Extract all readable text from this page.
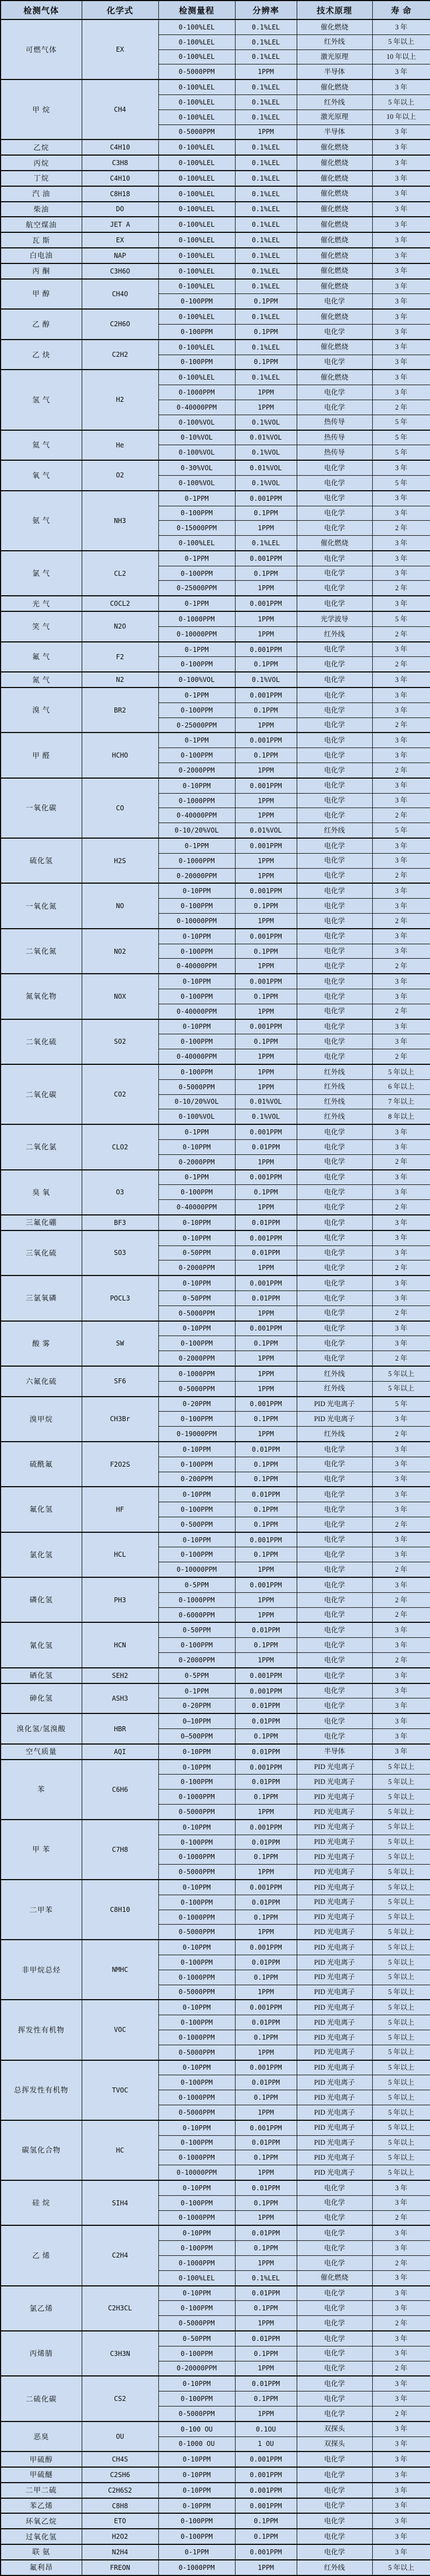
检测气体	化学式	检测量程	分辨率	技术原理	寿 命
可燃气体	EX	0-100%LEL	0.1%LEL	催化燃烧	3 年
		0-100%LEL	0.1%LEL	红外线	5 年以上
		0-100%LEL	0.1%LEL	激光原理	10 年以上
		0-5000PPM	1PPM	半导体	3 年
甲 烷	CH4	0-100%LEL	0.1%LEL	催化燃烧	3 年
		0-100%LEL	0.1%LEL	红外线	5 年以上
		0-100%LEL	0.1%LEL	激光原理	10 年以上
		0-5000PPM	1PPM	半导体	3 年
乙烷	C4H10	0-100%LEL	0.1%LEL	催化燃烧	3 年
丙烷	C3H8	0-100%LEL	0.1%LEL	催化燃烧	3 年
丁烷	C4H10	0-100%LEL	0.1%LEL	催化燃烧	3 年
汽 油	C8H18	0-100%LEL	0.1%LEL	催化燃烧	3 年
柴油	DO	0-100%LEL	0.1%LEL	催化燃烧	3 年
航空煤油	JET A	0-100%LEL	0.1%LEL	催化燃烧	3 年
瓦 斯	EX	0-100%LEL	0.1%LEL	催化燃烧	3 年
白电油	NAP	0-100%LEL	0.1%LEL	催化燃烧	3 年
丙 酮	C3H6O	0-100%LEL	0.1%LEL	催化燃烧	3 年
甲 醇	CH4O	0-100%LEL	0.1%LEL	催化燃烧	3 年
		0-100PPM	0.1PPM	电化学	3 年
乙 醇	C2H6O	0-100%LEL	0.1%LEL	催化燃烧	3 年
		0-100PPM	0.1PPM	电化学	3 年
乙 炔	C2H2	0-100%LEL	0.1%LEL	催化燃烧	3 年
		0-100PPM	0.1PPM	电化学	3 年
氢 气	H2	0-100%LEL	0.1%LEL	催化燃烧	3 年
		0-1000PPM	1PPM	电化学	3 年
		0-40000PPM	1PPM	电化学	2 年
		0-100%VOL	0.1%VOL	热传导	5 年
氦 气	He	0-10%VOL	0.01%VOL	热传导	5 年
		0-100%VOL	0.1%VOL	热传导	5 年
氧 气	O2	0-30%VOL	0.01%VOL	电化学	3 年
		0-100%VOL	0.1%VOL	电化学	5 年
氨 气	NH3	0-1PPM	0.001PPM	电化学	3 年
		0-100PPM	0.1PPM	电化学	3 年
		0-15000PPM	1PPM	电化学	2 年
		0-100%LEL	0.1%LEL	催化燃烧	3 年
氯 气	CL2	0-1PPM	0.001PPM	电化学	3 年
		0-100PPM	0.1PPM	电化学	3 年
		0-25000PPM	1PPM	电化学	2 年
光 气	COCL2	0-1PPM	0.001PPM	电化学	3 年
笑 气	N2O	0-1000PPM	1PPM	光学波导	5 年
		0-10000PPM	1PPM	红外线	2 年
氟 气	F2	0-1PPM	0.001PPM	电化学	3 年
		0-100PPM	0.1PPM	电化学	2 年
氮 气	N2	0-100%VOL	0.1%VOL	电化学	3 年
溴 气	BR2	0-1PPM	0.001PPM	电化学	3 年
		0-100PPM	0.1PPM	电化学	3 年
		0-25000PPM	1PPM	电化学	2 年
甲 醛	HCHO	0-1PPM	0.001PPM	电化学	3 年
		0-100PPM	0.1PPM	电化学	3 年
		0-2000PPM	1PPM	电化学	2 年
一氧化碳	CO	0-10PPM	0.001PPM	电化学	3 年
		0-1000PPM	1PPM	电化学	3 年
		0-40000PPM	1PPM	电化学	2 年
		0-10/20%VOL	0.01%VOL	红外线	5 年
硫化氢	H2S	0-1PPM	0.001PPM	电化学	3 年
		0-1000PPM	1PPM	电化学	3 年
		0-20000PPM	1PPM	电化学	2 年
一氧化氮	NO	0-10PPM	0.001PPM	电化学	3 年
		0-100PPM	0.1PPM	电化学	3 年
		0-10000PPM	1PPM	电化学	2 年
二氧化氮	NO2	0-10PPM	0.001PPM	电化学	3 年
		0-100PPM	0.1PPM	电化学	3 年
		0-40000PPM	1PPM	电化学	2 年
氮氧化物	NOX	0-10PPM	0.001PPM	电化学	3 年
		0-100PPM	0.1PPM	电化学	3 年
		0-40000PPM	1PPM	电化学	2 年
二氧化硫	SO2	0-10PPM	0.001PPM	电化学	3 年
		0-100PPM	0.1PPM	电化学	3 年
		0-40000PPM	1PPM	电化学	2 年
二氧化碳	CO2	0-100PPM	1PPM	红外线	5 年以上
		0-5000PPM	1PPM	红外线	6 年以上
		0-10/20%VOL	0.01%VOL	红外线	7 年以上
		0-100%VOL	0.1%VOL	红外线	8 年以上
二氧化氯	CLO2	0-1PPM	0.001PPM	电化学	3 年
		0-10PPM	0.01PPM	电化学	3 年
		0-2000PPM	1PPM	电化学	2 年
臭 氧	O3	0-1PPM	0.001PPM	电化学	3 年
		0-100PPM	0.1PPM	电化学	3 年
		0-40000PPM	1PPM	电化学	2 年
三氟化硼	BF3	0-10PPM	0.01PPM	电化学	3 年
三氧化硫	SO3	0-10PPM	0.001PPM	电化学	3 年
		0-50PPM	0.01PPM	电化学	3 年
		0-2000PPM	1PPM	电化学	2 年
三氯氧磷	POCL3	0-10PPM	0.001PPM	电化学	3 年
		0-50PPM	0.01PPM	电化学	3 年
		0-5000PPM	1PPM	电化学	2 年
酸 雾	SW	0-10PPM	0.001PPM	电化学	3 年
		0-100PPM	0.1PPM	电化学	3 年
		0-2000PPM	1PPM	电化学	2 年
六氟化硫	SF6	0-1000PPM	1PPM	红外线	5 年以上
		0-5000PPM	1PPM	红外线	5 年以上
溴甲烷	CH3Br	0-20PPM	0.001PPM	PID 光电离子	5 年
		0-100PPM	0.1PPM	PID 光电离子	3 年
		0-19000PPM	1PPM	红外线	2 年
硫酰氟	F2O2S	0-10PPM	0.01PPM	电化学	3 年
		0-100PPM	0.1PPM	电化学	3 年
		0-200PPM	0.1PPM	电化学	3 年
氟化氢	HF	0-10PPM	0.01PPM	电化学	3 年
		0-100PPM	0.1PPM	电化学	3 年
		0-500PPM	0.1PPM	电化学	2 年
氯化氢	HCL	0-10PPM	0.001PPM	电化学	3 年
		0-100PPM	0.1PPM	电化学	3 年
		0-10000PPM	1PPM	电化学	2 年
磷化氢	PH3	0-5PPM	0.001PPM	电化学	3 年
		0-1000PPM	1PPM	电化学	2 年
		0-6000PPM	1PPM	电化学	2 年
氰化氢	HCN	0-50PPM	0.01PPM	电化学	3 年
		0-100PPM	0.1PPM	电化学	3 年
		0-2000PPM	1PPM	电化学	2 年
硒化氢	SEH2	0-5PPM	0.001PPM	电化学	3 年
砷化氢	ASH3	0-1PPM	0.001PPM	电化学	3 年
		0-20PPM	0.01PPM	电化学	3 年
溴化氢/氢溴酸	HBR	0—10PPM	0.01PPM	电化学	3 年
		0—500PPM	0.1PPM	电化学	3 年
空气质量	AQI	0-10PPM	0.01PPM	半导体	3 年
苯	C6H6	0-10PPM	0.001PPM	PID 光电离子	5 年以上
		0-100PPM	0.01PPM	PID 光电离子	5 年以上
		0-1000PPM	0.1PPM	PID 光电离子	5 年以上
		0-5000PPM	1PPM	PID 光电离子	5 年以上
甲 苯	C7H8	0-10PPM	0.001PPM	PID 光电离子	5 年以上
		0-100PPM	0.01PPM	PID 光电离子	5 年以上
		0-1000PPM	0.1PPM	PID 光电离子	5 年以上
		0-5000PPM	1PPM	PID 光电离子	5 年以上
二甲苯	C8H10	0-10PPM	0.001PPM	PID 光电离子	5 年以上
		0-100PPM	0.01PPM	PID 光电离子	5 年以上
		0-1000PPM	0.1PPM	PID 光电离子	5 年以上
		0-5000PPM	1PPM	PID 光电离子	5 年以上
非甲烷总烃	NMHC	0-10PPM	0.001PPM	PID 光电离子	5 年以上
		0-100PPM	0.01PPM	PID 光电离子	5 年以上
		0-1000PPM	0.1PPM	PID 光电离子	5 年以上
		0-5000PPM	1PPM	PID 光电离子	5 年以上
挥发性有机物	VOC	0-10PPM	0.001PPM	PID 光电离子	5 年以上
		0-100PPM	0.01PPM	PID 光电离子	5 年以上
		0-1000PPM	0.1PPM	PID 光电离子	5 年以上
		0-5000PPM	1PPM	PID 光电离子	5 年以上
总挥发性有机物	TVOC	0-10PPM	0.001PPM	PID 光电离子	5 年以上
		0-100PPM	0.01PPM	PID 光电离子	5 年以上
		0-1000PPM	0.1PPM	PID 光电离子	5 年以上
		0-5000PPM	1PPM	PID 光电离子	5 年以上
碳氢化合物	HC	0-10PPM	0.001PPM	PID 光电离子	5 年以上
		0-100PPM	0.01PPM	PID 光电离子	5 年以上
		0-1000PPM	0.1PPM	PID 光电离子	5 年以上
		0-10000PPM	1PPM	PID 光电离子	5 年以上
硅 烷	SIH4	0-10PPM	0.01PPM	电化学	3 年
		0-100PPM	0.1PPM	电化学	3 年
		0-1000PPM	1PPM	电化学	2 年
乙 烯	C2H4	0-10PPM	0.01PPM	电化学	3 年
		0-100PPM	0.1PPM	电化学	3 年
		0-1000PPM	1PPM	电化学	2 年
		0-100%LEL	0.1%LEL	催化燃烧	3 年
氯乙烯	C2H3CL	0-10PPM	0.01PPM	电化学	3 年
		0-100PPM	0.1PPM	电化学	3 年
		0-5000PPM	1PPM	电化学	2 年
丙烯腈	C3H3N	0-50PPM	0.01PPM	电化学	3 年
		0-100PPM	0.1PPM	电化学	3 年
		0-20000PPM	1PPM	电化学	2 年
二硫化碳	CS2	0-10PPM	0.01PPM	电化学	3 年
		0-100PPM	0.1PPM	电化学	3 年
		0-5000PPM	1PPM	电化学	2 年
恶臭	OU	0-100 OU	0.1OU	双探头	3 年
		0-1000 OU	1 OU	双探头	3 年
甲硫醇	CH4S	0-10PPM	0.001PPM	电化学	3 年
甲硫醚	C2SH6	0-10PPM	0.001PPM	电化学	3 年
二甲二硫	C2H6S2	0-10PPM	0.001PPM	电化学	3 年
苯乙烯	C8H8	0-10PPM	0.001PPM	电化学	3 年
环氧乙烷	ETO	0-100PPM	0.1PPM	电化学	3 年
过氧化氢	H2O2	0-100PPM	0.1PPM	电化学	3 年
联 氨	N2H4	0-1PPM	0.001PPM	电化学	3 年
氟利昂	FREON	0-1000PPM	1PPM	红外线	5 年以上
